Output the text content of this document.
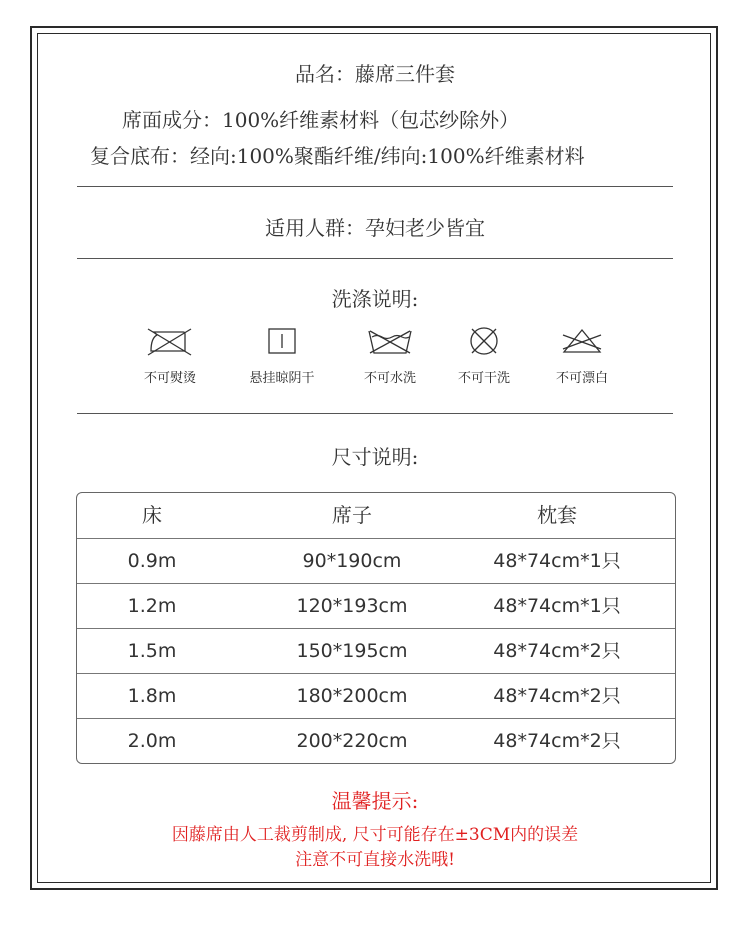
品名：藤席三件套
席面成分：100%纤维素材料（包芯纱除外）
复合底布：经向:100%聚酯纤维/纬向:100%纤维素材料
适用人群：孕妇老少皆宜
洗涤说明:
不可熨烫	悬挂晾阴干	不可水洗	不可干洗	不可漂白
尺寸说明:
床	席子	枕套
0.9m	90*190cm	48*74cm*1只
1.2m	120*193cm	48*74cm*1只
1.5m	150*195cm	48*74cm*2只
1.8m	180*200cm	48*74cm*2只
2.0m	200*220cm	48*74cm*2只
温馨提示:
因藤席由人工裁剪制成, 尺寸可能存在±3CM内的误差
注意不可直接水洗哦!
